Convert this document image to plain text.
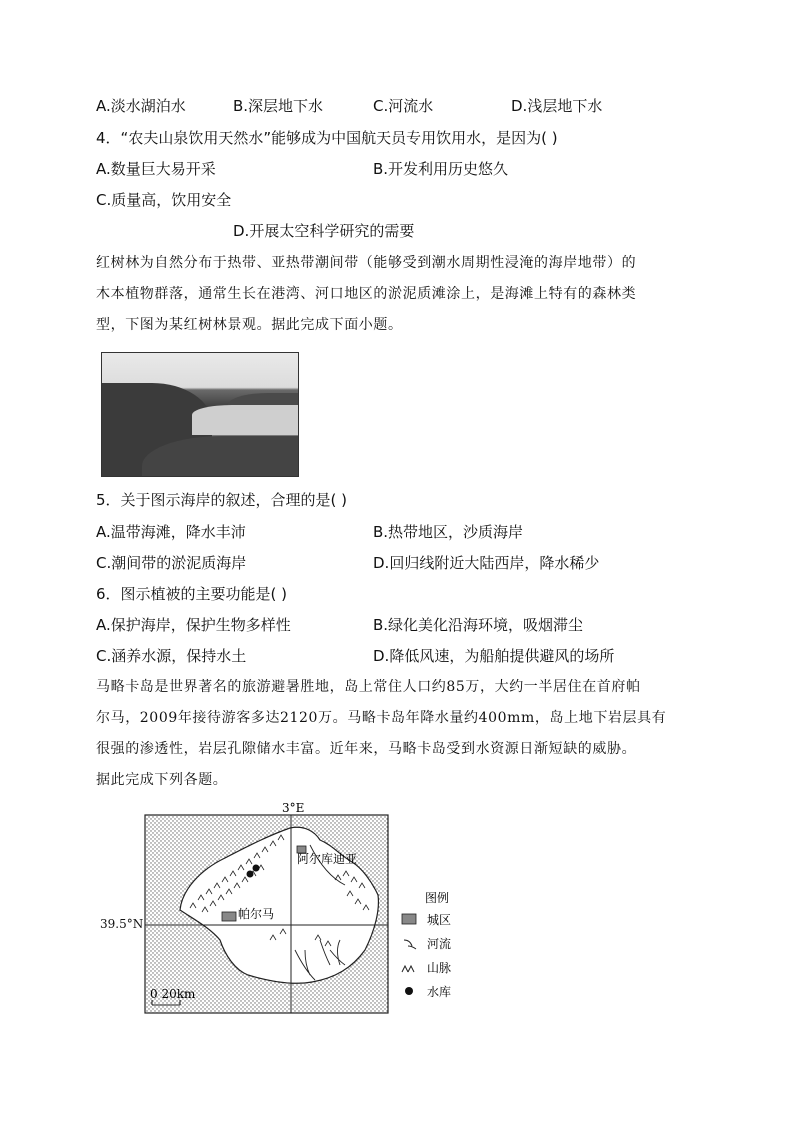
A.淡水湖泊水	B.深层地下水	C.河流水	D.浅层地下水
4．“农夫山泉饮用天然水”能够成为中国航天员专用饮用水，是因为( )
A.数量巨大易开采	B.开发利用历史悠久
C.质量高，饮用安全
D.开展太空科学研究的需要
红树林为自然分布于热带、亚热带潮间带（能够受到潮水周期性浸淹的海岸地带）的
木本植物群落，通常生长在港湾、河口地区的淤泥质滩涂上，是海滩上特有的森林类
型，下图为某红树林景观。据此完成下面小题。
5．关于图示海岸的叙述，合理的是( )
A.温带海滩，降水丰沛	B.热带地区，沙质海岸
C.潮间带的淤泥质海岸	D.回归线附近大陆西岸，降水稀少
6．图示植被的主要功能是( )
A.保护海岸，保护生物多样性	B.绿化美化沿海环境，吸烟滞尘
C.涵养水源，保持水土	D.降低风速，为船舶提供避风的场所
马略卡岛是世界著名的旅游避暑胜地，岛上常住人口约85万，大约一半居住在首府帕
尔马，2009年接待游客多达2120万。马略卡岛年降水量约400mm，岛上地下岩层具有
很强的渗透性，岩层孔隙储水丰富。近年来，马略卡岛受到水资源日渐短缺的威胁。
据此完成下列各题。
阿尔库迪亚
帕尔马
3°E
0 20km
图例
城区
河流
山脉
水库
39.5°N
